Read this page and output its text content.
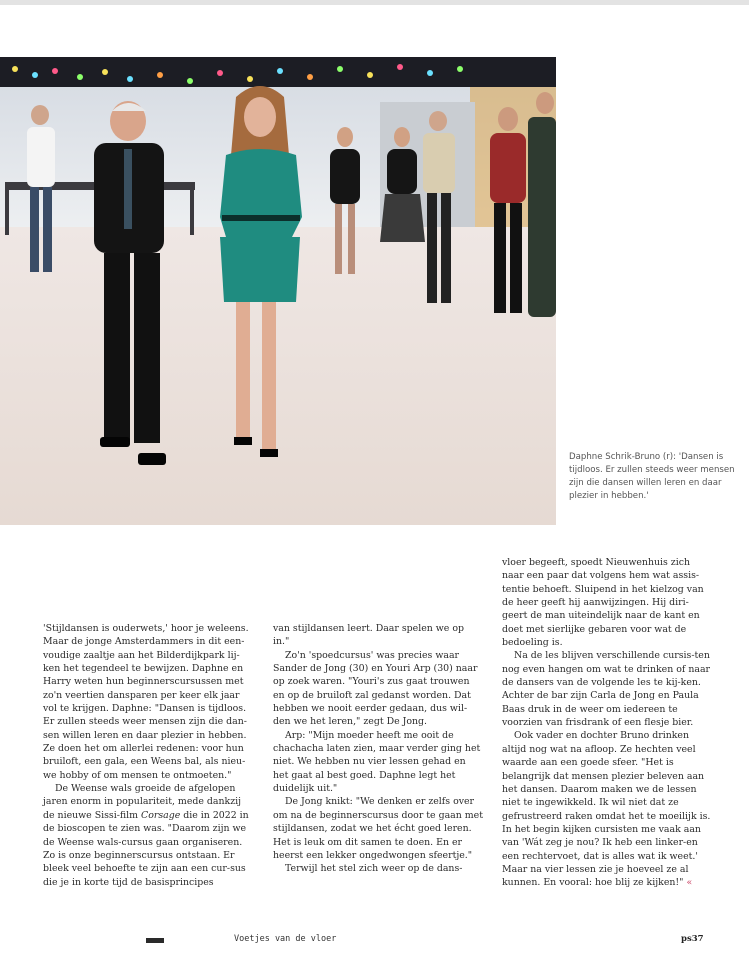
Daphne Schrik-Bruno (r): 'Dansen is tijdloos. Er zullen steeds weer mensen zijn die dansen willen leren en daar plezier in hebben.'

'Stijldansen is ouderwets,' hoor je weleens. Maar de jonge Amsterdammers in dit een-voudige zaaltje aan het Bilderdijkpark lij-ken het tegendeel te bewijzen. Daphne en Harry weten hun beginnerscursussen met zo'n veertien dansparen per keer elk jaar vol te krijgen. Daphne: "Dansen is tijdloos. Er zullen steeds weer mensen zijn die dan-sen willen leren en daar plezier in hebben. Ze doen het om allerlei redenen: voor hun bruiloft, een gala, een Weens bal, als nieu-we hobby of om mensen te ontmoeten."

De Weense wals groeide de afgelopen jaren enorm in populariteit, mede dankzij de nieuwe Sissi-film Corsage die in 2022 in de bioscopen te zien was. "Daarom zijn we de Weense wals-cursus gaan organiseren. Zo is onze beginnerscursus ontstaan. Er bleek veel behoefte te zijn aan een cur-sus die je in korte tijd de basisprincipes

van stijldansen leert. Daar spelen we op in."

Zo'n 'spoedcursus' was precies waar Sander de Jong (30) en Youri Arp (30) naar op zoek waren. "Youri's zus gaat trouwen en op de bruiloft zal gedanst worden. Dat hebben we nooit eerder gedaan, dus wil-den we het leren," zegt De Jong.

Arp: "Mijn moeder heeft me ooit de chachacha laten zien, maar verder ging het niet. We hebben nu vier lessen gehad en het gaat al best goed. Daphne legt het duidelijk uit."

De Jong knikt: "We denken er zelfs over om na de beginnerscursus door te gaan met stijldansen, zodat we het écht goed leren. Het is leuk om dit samen te doen. En er heerst een lekker ongedwongen sfeertje."

Terwijl het stel zich weer op de dans-

vloer begeeft, spoedt Nieuwenhuis zich naar een paar dat volgens hem wat assis-tentie behoeft. Sluipend in het kielzog van de heer geeft hij aanwijzingen. Hij diri-geert de man uiteindelijk naar de kant en doet met sierlijke gebaren voor wat de bedoeling is.

Na de les blijven verschillende cursis-ten nog even hangen om wat te drinken of naar de dansers van de volgende les te kij-ken. Achter de bar zijn Carla de Jong en Paula Baas druk in de weer om iedereen te voorzien van frisdrank of een flesje bier.

Ook vader en dochter Bruno drinken altijd nog wat na afloop. Ze hechten veel waarde aan een goede sfeer. "Het is belangrijk dat mensen plezier beleven aan het dansen. Daarom maken we de lessen niet te ingewikkeld. Ik wil niet dat ze gefrustreerd raken omdat het te moeilijk is. In het begin kijken cursisten me vaak aan van 'Wát zeg je nou? Ik heb een linker-en een rechtervoet, dat is alles wat ik weet.' Maar na vier lessen zie je hoeveel ze al kunnen. En vooral: hoe blij ze kijken!" «

Voetjes van de vloer	ps37
